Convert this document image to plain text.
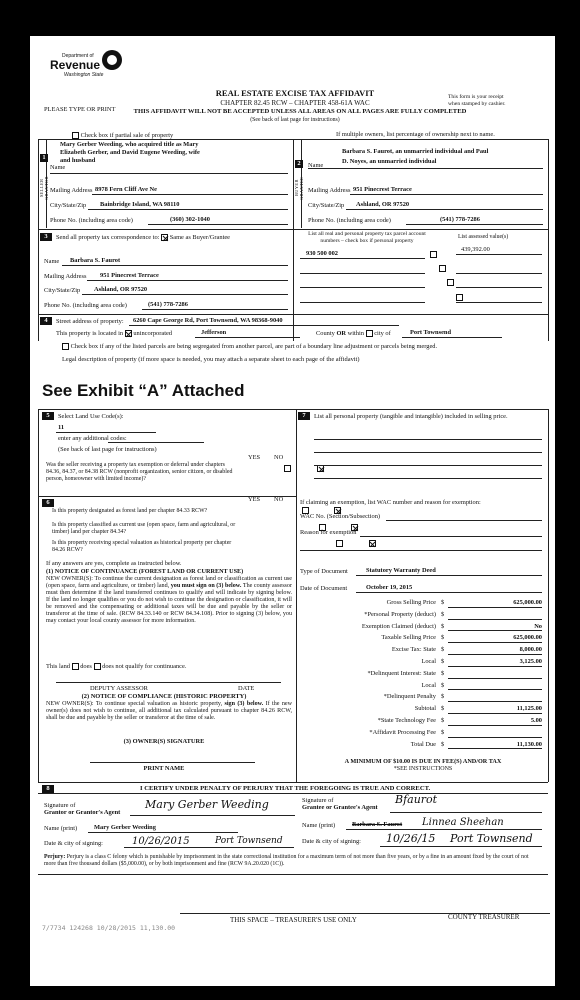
Department of
Revenue
Washington State
REAL ESTATE EXCISE TAX AFFIDAVIT
CHAPTER 82.45 RCW – CHAPTER 458-61A WAC
THIS AFFIDAVIT WILL NOT BE ACCEPTED UNLESS ALL AREAS ON ALL PAGES ARE FULLY COMPLETED
(See back of last page for instructions)
PLEASE TYPE OR PRINT
This form is your receipt
when stamped by cashier.
Check box if partial sale of property	If multiple owners, list percentage of ownership next to name.
SELLER GRANTOR
1
Mary Gerber Weeding, who acquired title as Mary
Elizabeth Gerber, and David Eugene Weeding, wife
Name
and husband
Mailing Address 8978 Fern Cliff Ave Ne
City/State/Zip Bainbridge Island, WA 98110
Phone No. (including area code)	(360) 302-1040
BUYER GRANTEE
2
Barbara S. Faurot, an unmarried individual and Paul
Name
D. Noyes, an unmarried individual
Mailing Address 951 Pinecrest Terrace
City/State/Zip Ashland, OR 97520
Phone No. (including area code)	(541) 778-7286
3	Send all property tax correspondence to: Same as Buyer/Grantee
Name Barbara S. Faurot
Mailing Address 951 Pinecrest Terrace
City/State/Zip Ashland, OR 97520
Phone No. (including area code)	(541) 778-7286
List all real and personal property tax parcel account
numbers – check box if personal property
List assessed value(s)
930 500 002
439,392.00

4	Street address of property: 6260 Cape George Rd, Port Townsend, WA 98368-9040
This property is located in unincorporated	Jefferson	County OR within city of	Port Townsend
Check box if any of the listed parcels are being segregated from another parcel, are part of a boundary line adjustment or parcels being merged.
Legal description of property (if more space is needed, you may attach a separate sheet to each page of the affidavit)
See Exhibit “A” Attached
5	Select Land Use Code(s):
11
enter any additional codes:
(See back of last page for instructions)
YES NO
Was the seller receiving a property tax exemption or deferral under chapters 84.36, 84.37, or 84.38 RCW (nonprofit organization, senior citizen, or disabled person, homeowner with limited income)?

6	YES NO
Is this property designated as forest land per chapter 84.33 RCW?

Is this property classified as current use (open space, farm and agricultural, or timber) land per chapter 84.34?

Is this property receiving special valuation as historical property per chapter 84.26 RCW?

If any answers are yes, complete as instructed below.
(1) NOTICE OF CONTINUANCE (FOREST LAND OR CURRENT USE)
NEW OWNER(S): To continue the current designation as forest land or classification as current use (open space, farm and agriculture, or timber) land, you must sign on (3) below. The county assessor must then determine if the land transferred continues to qualify and will indicate by signing below. If the land no longer qualifies or you do not wish to continue the designation or classification, it will be removed and the compensating or additional taxes will be due and payable by the seller or transferor at the time of sale. (RCW 84.33.140 or RCW 84.34.108). Prior to signing (3) below, you may contact your local county assessor for more information.
This land does does not qualify for continuance.
DEPUTY ASSESSOR	DATE
(2) NOTICE OF COMPLIANCE (HISTORIC PROPERTY)
NEW OWNER(S): To continue special valuation as historic property, sign (3) below. If the new owner(s) does not wish to continue, all additional tax calculated pursuant to chapter 84.26 RCW, shall be due and payable by the seller or transferor at the time of sale.
(3) OWNER(S) SIGNATURE
PRINT NAME
7	List all personal property (tangible and intangible) included in selling price.
If claiming an exemption, list WAC number and reason for exemption:
WAC No. (Section/Subsection)
Reason for exemption
Type of Document	Statutory Warranty Deed
Date of Document	October 19, 2015
Gross Selling Price $	625,000.00
*Personal Property (deduct) $
Exemption Claimed (deduct) $	No
Taxable Selling Price $	625,000.00
Excise Tax: State $	8,000.00
Local $	3,125.00
*Delinquent Interest: State $
Local $
*Delinquent Penalty $
Subtotal $	11,125.00
*State Technology Fee $	5.00
*Affidavit Processing Fee $
Total Due $	11,130.00
A MINIMUM OF $10.00 IS DUE IN FEE(S) AND/OR TAX
*SEE INSTRUCTIONS
8	I CERTIFY UNDER PENALTY OF PERJURY THAT THE FOREGOING IS TRUE AND CORRECT.
Signature of
Grantor or Grantor's Agent
Mary Gerber Weeding	Signature of
Grantee or Grantee's Agent
Bfaurot
Name (print)	Mary Gerber Weeding	Name (print)	Barbara S. Faurot Linnea Sheehan
Date & city of signing:	10/26/2015	Port Townsend	Date & city of signing: 10/26/15 Port Townsend
Perjury: Perjury is a class C felony which is punishable by imprisonment in the state correctional institution for a maximum term of not more than five years, or by a fine in an amount fixed by the court of not more than five thousand dollars ($5,000.00), or by both imprisonment and fine (RCW 9A.20.020 (1C)).
7/7734 124268 10/28/2015 11,130.00
THIS SPACE – TREASURER'S USE ONLY	COUNTY TREASURER
